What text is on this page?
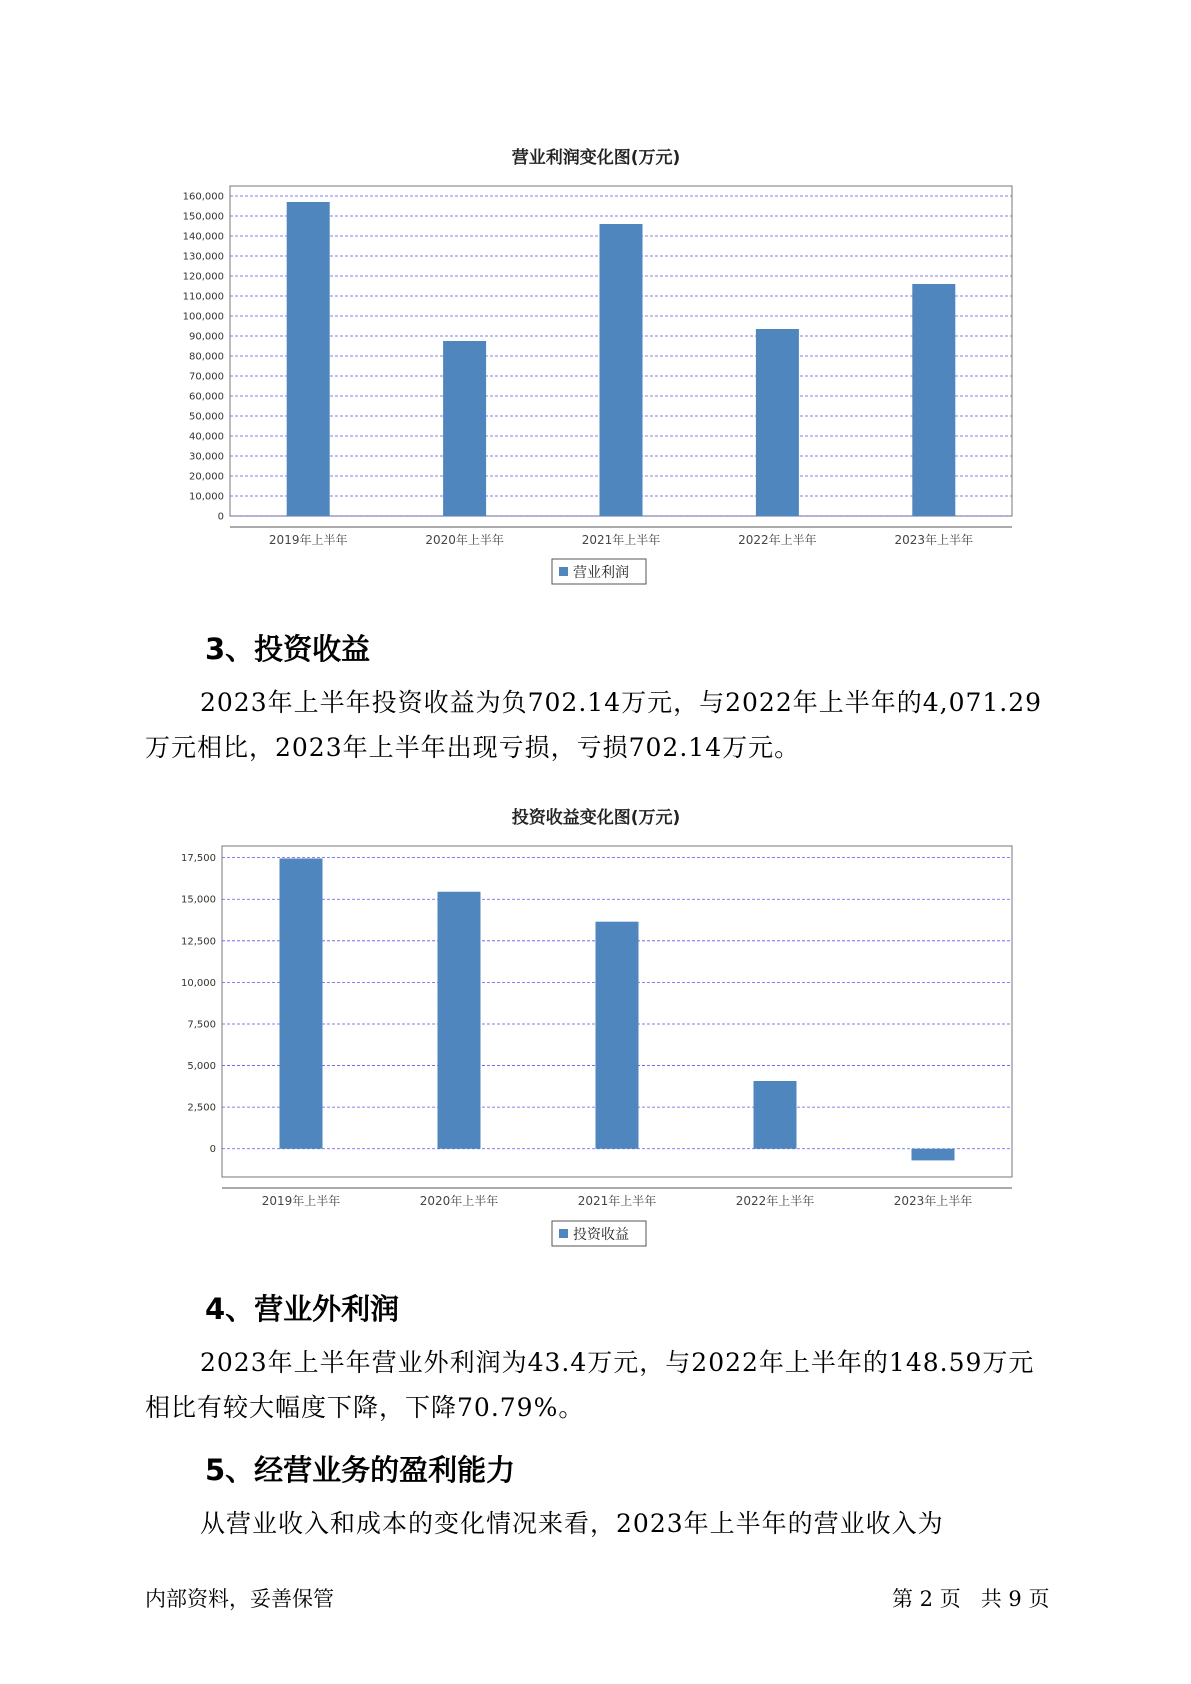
营业利润变化图(万元)
0
10,000
20,000
30,000
40,000
50,000
60,000
70,000
80,000
90,000
100,000
110,000
120,000
130,000
140,000
150,000
160,000
2019年上半年	2020年上半年	2021年上半年	2022年上半年	2023年上半年
营业利润
投资收益变化图(万元)
0
2,500
5,000
7,500
10,000
12,500
15,000
17,500
2019年上半年	2020年上半年	2021年上半年	2022年上半年	2023年上半年
投资收益
3、投资收益

2023年上半年投资收益为负702.14万元，与2022年上半年的4,071.29
万元相比，2023年上半年出现亏损，亏损702.14万元。

4、营业外利润

2023年上半年营业外利润为43.4万元，与2022年上半年的148.59万元
相比有较大幅度下降，下降70.79%。

5、经营业务的盈利能力

从营业收入和成本的变化情况来看，2023年上半年的营业收入为

内部资料，妥善保管	第 2 页   共 9 页
